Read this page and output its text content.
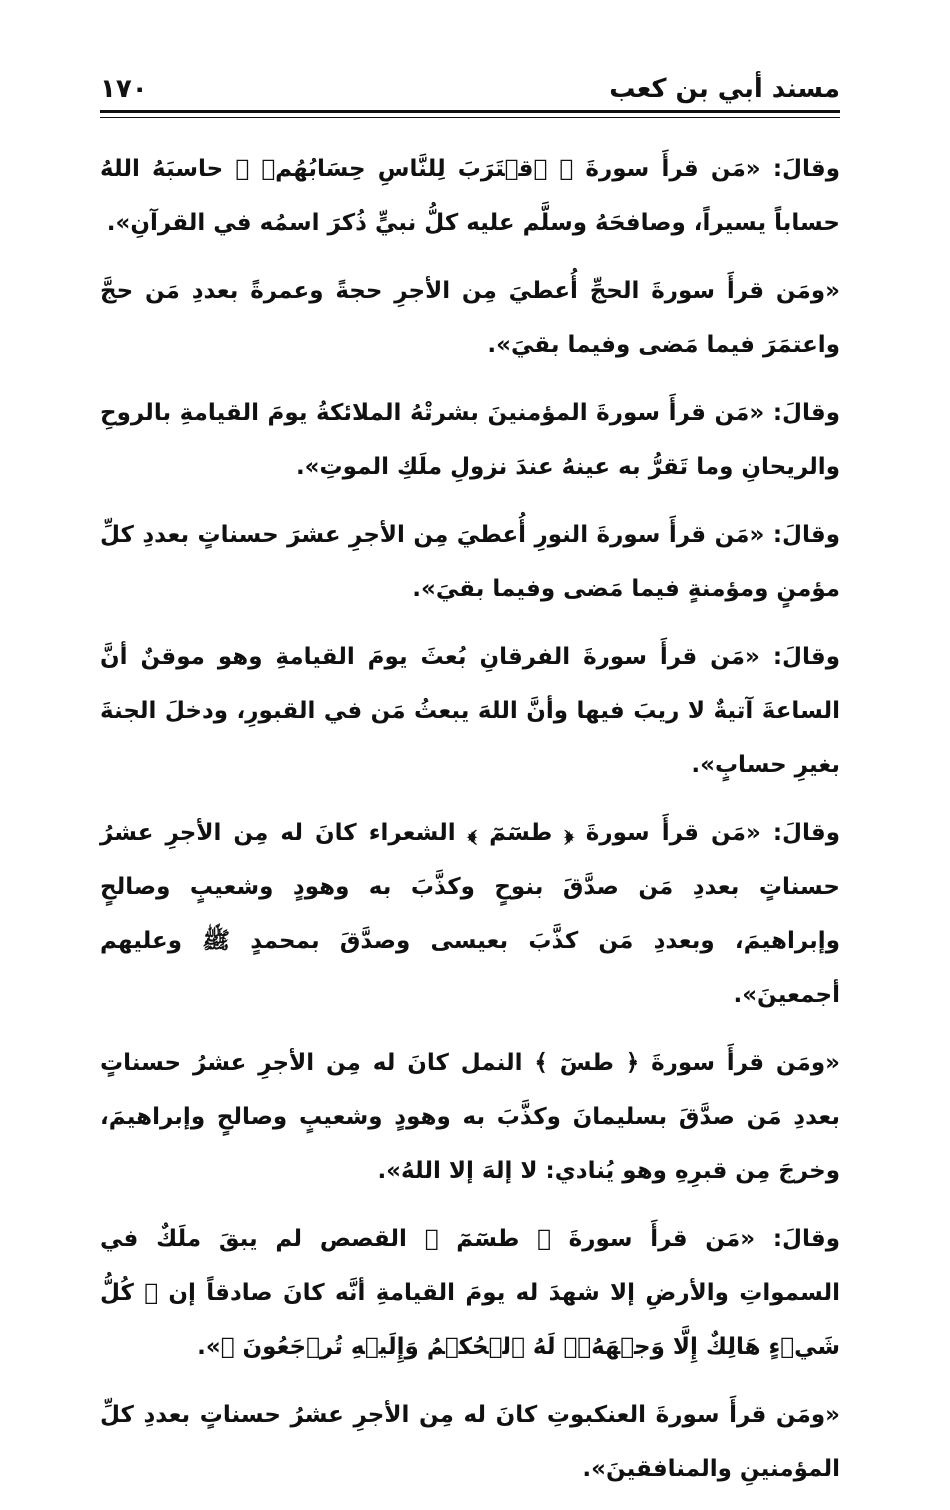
مسند أبي بن كعب
١٧٠

وقالَ: «مَن قرأَ سورةَ ﴿ ٱقۡتَرَبَ لِلنَّاسِ حِسَابُهُمۡ ﴾ حاسبَهُ اللهُ حساباً يسيراً، وصافحَهُ وسلَّم عليه كلُّ نبيٍّ ذُكرَ اسمُه في القرآنِ».

«ومَن قرأَ سورةَ الحجِّ أُعطيَ مِن الأجرِ حجةً وعمرةً بعددِ مَن حجَّ واعتمَرَ فيما مَضى وفيما بقيَ».

وقالَ: «مَن قرأَ سورةَ المؤمنينَ بشرتْهُ الملائكةُ يومَ القيامةِ بالروحِ والريحانِ وما تَقرُّ به عينهُ عندَ نزولِ ملَكِ الموتِ».

وقالَ: «مَن قرأَ سورةَ النورِ أُعطيَ مِن الأجرِ عشرَ حسناتٍ بعددِ كلِّ مؤمنٍ ومؤمنةٍ فيما مَضى وفيما بقيَ».

وقالَ: «مَن قرأَ سورةَ الفرقانِ بُعثَ يومَ القيامةِ وهو موقنٌ أنَّ الساعةَ آتيةٌ لا ريبَ فيها وأنَّ اللهَ يبعثُ مَن في القبورِ، ودخلَ الجنةَ بغيرِ حسابٍ».

وقالَ: «مَن قرأَ سورةَ ﴿ طسٓمٓ ﴾ الشعراء كانَ له مِن الأجرِ عشرُ حسناتٍ بعددِ مَن صدَّقَ بنوحٍ وكذَّبَ به وهودٍ وشعيبٍ وصالحٍ وإبراهيمَ، وبعددِ مَن كذَّبَ بعيسى وصدَّقَ بمحمدٍ ﷺ وعليهم أجمعينَ».

«ومَن قرأَ سورةَ ﴿ طسٓ ﴾ النمل كانَ له مِن الأجرِ عشرُ حسناتٍ بعددِ مَن صدَّقَ بسليمانَ وكذَّبَ به وهودٍ وشعيبٍ وصالحٍ وإبراهيمَ، وخرجَ مِن قبرِهِ وهو يُنادي: لا إلهَ إلا اللهُ».

وقالَ: «مَن قرأَ سورةَ ﴿ طسٓمٓ ﴾ القصص لم يبقَ ملَكٌ في السمواتِ والأرضِ إلا شهدَ له يومَ القيامةِ أنَّه كانَ صادقاً إن ﴿ كُلُّ شَيۡءٍ هَالِكٌ إِلَّا وَجۡهَهُۥۚ لَهُ ٱلۡحُكۡمُ وَإِلَيۡهِ تُرۡجَعُونَ ﴾».

«ومَن قرأَ سورةَ العنكبوتِ كانَ له مِن الأجرِ عشرُ حسناتٍ بعددِ كلِّ المؤمنينِ والمنافقينَ».
